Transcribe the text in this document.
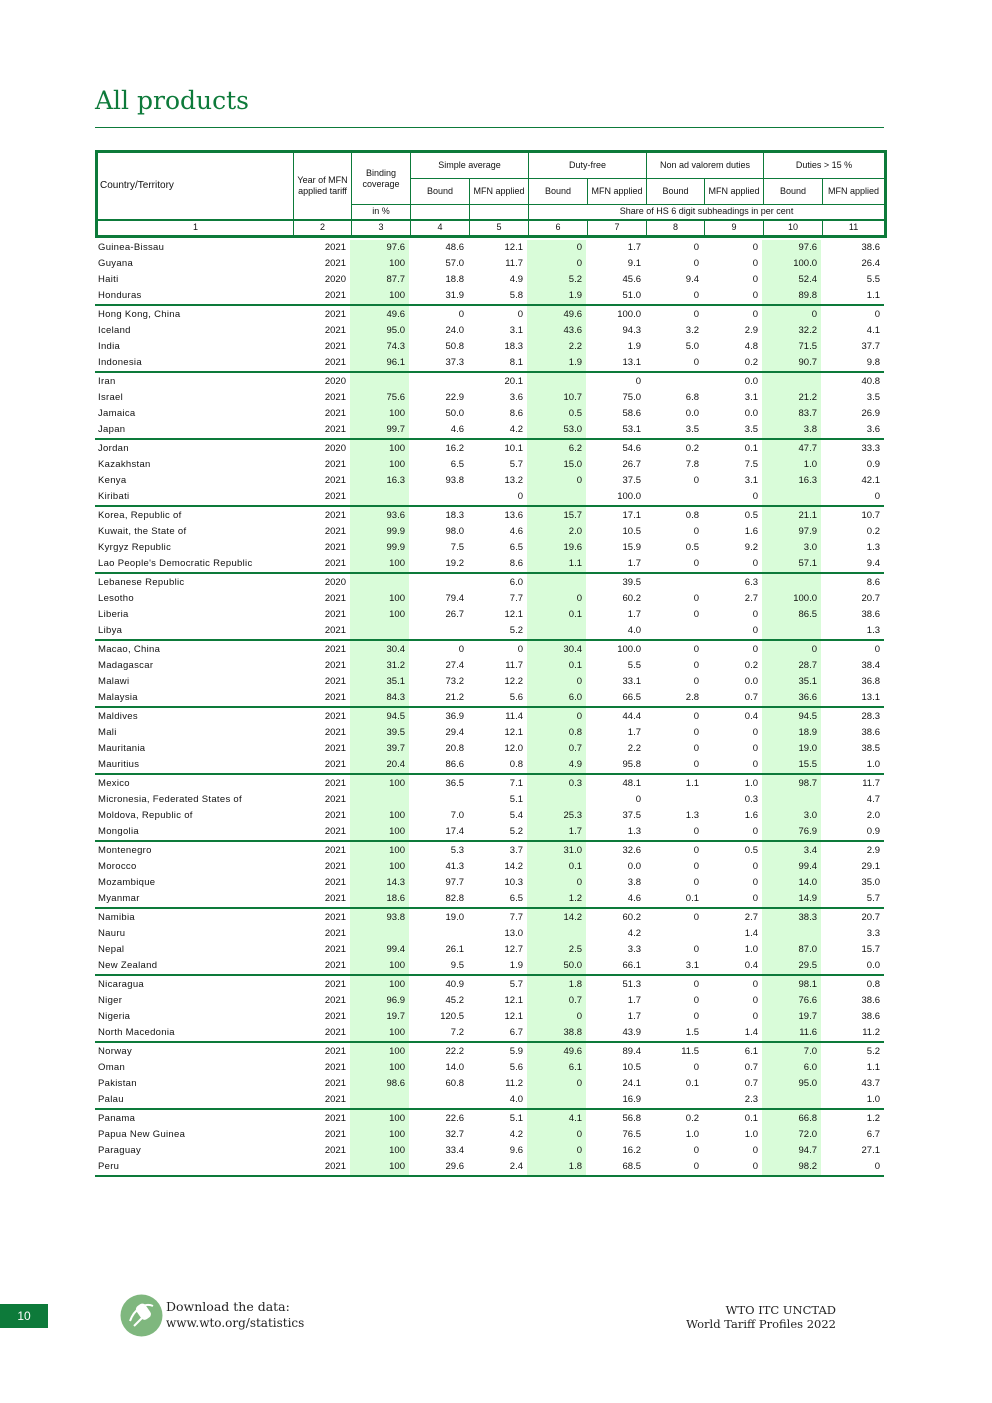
All products
Country/Territory	Year of MFN applied tariff	Binding coverage	Simple average		Duty-free		Non ad valorem duties		Duties > 15 %	
			Bound	MFN applied	Bound	MFN applied	Bound	MFN applied	Bound	MFN applied
		in %			Share of HS 6 digit subheadings in per cent					
1	2	3	4	5	6	7	8	9	10	11
Guinea-Bissau	2021	97.6	48.6	12.1	0	1.7	0	0	97.6	38.6
Guyana	2021	100	57.0	11.7	0	9.1	0	0	100.0	26.4
Haiti	2020	87.7	18.8	4.9	5.2	45.6	9.4	0	52.4	5.5
Honduras	2021	100	31.9	5.8	1.9	51.0	0	0	89.8	1.1
Hong Kong, China	2021	49.6	0	0	49.6	100.0	0	0	0	0
Iceland	2021	95.0	24.0	3.1	43.6	94.3	3.2	2.9	32.2	4.1
India	2021	74.3	50.8	18.3	2.2	1.9	5.0	4.8	71.5	37.7
Indonesia	2021	96.1	37.3	8.1	1.9	13.1	0	0.2	90.7	9.8
Iran	2020			20.1		0		0.0		40.8
Israel	2021	75.6	22.9	3.6	10.7	75.0	6.8	3.1	21.2	3.5
Jamaica	2021	100	50.0	8.6	0.5	58.6	0.0	0.0	83.7	26.9
Japan	2021	99.7	4.6	4.2	53.0	53.1	3.5	3.5	3.8	3.6
Jordan	2020	100	16.2	10.1	6.2	54.6	0.2	0.1	47.7	33.3
Kazakhstan	2021	100	6.5	5.7	15.0	26.7	7.8	7.5	1.0	0.9
Kenya	2021	16.3	93.8	13.2	0	37.5	0	3.1	16.3	42.1
Kiribati	2021			0		100.0		0		0
Korea, Republic of	2021	93.6	18.3	13.6	15.7	17.1	0.8	0.5	21.1	10.7
Kuwait, the State of	2021	99.9	98.0	4.6	2.0	10.5	0	1.6	97.9	0.2
Kyrgyz Republic	2021	99.9	7.5	6.5	19.6	15.9	0.5	9.2	3.0	1.3
Lao People's Democratic Republic	2021	100	19.2	8.6	1.1	1.7	0	0	57.1	9.4
Lebanese Republic	2020			6.0		39.5		6.3		8.6
Lesotho	2021	100	79.4	7.7	0	60.2	0	2.7	100.0	20.7
Liberia	2021	100	26.7	12.1	0.1	1.7	0	0	86.5	38.6
Libya	2021			5.2		4.0		0		1.3
Macao, China	2021	30.4	0	0	30.4	100.0	0	0	0	0
Madagascar	2021	31.2	27.4	11.7	0.1	5.5	0	0.2	28.7	38.4
Malawi	2021	35.1	73.2	12.2	0	33.1	0	0.0	35.1	36.8
Malaysia	2021	84.3	21.2	5.6	6.0	66.5	2.8	0.7	36.6	13.1
Maldives	2021	94.5	36.9	11.4	0	44.4	0	0.4	94.5	28.3
Mali	2021	39.5	29.4	12.1	0.8	1.7	0	0	18.9	38.6
Mauritania	2021	39.7	20.8	12.0	0.7	2.2	0	0	19.0	38.5
Mauritius	2021	20.4	86.6	0.8	4.9	95.8	0	0	15.5	1.0
Mexico	2021	100	36.5	7.1	0.3	48.1	1.1	1.0	98.7	11.7
Micronesia, Federated States of	2021			5.1		0		0.3		4.7
Moldova, Republic of	2021	100	7.0	5.4	25.3	37.5	1.3	1.6	3.0	2.0
Mongolia	2021	100	17.4	5.2	1.7	1.3	0	0	76.9	0.9
Montenegro	2021	100	5.3	3.7	31.0	32.6	0	0.5	3.4	2.9
Morocco	2021	100	41.3	14.2	0.1	0.0	0	0	99.4	29.1
Mozambique	2021	14.3	97.7	10.3	0	3.8	0	0	14.0	35.0
Myanmar	2021	18.6	82.8	6.5	1.2	4.6	0.1	0	14.9	5.7
Namibia	2021	93.8	19.0	7.7	14.2	60.2	0	2.7	38.3	20.7
Nauru	2021			13.0		4.2		1.4		3.3
Nepal	2021	99.4	26.1	12.7	2.5	3.3	0	1.0	87.0	15.7
New Zealand	2021	100	9.5	1.9	50.0	66.1	3.1	0.4	29.5	0.0
Nicaragua	2021	100	40.9	5.7	1.8	51.3	0	0	98.1	0.8
Niger	2021	96.9	45.2	12.1	0.7	1.7	0	0	76.6	38.6
Nigeria	2021	19.7	120.5	12.1	0	1.7	0	0	19.7	38.6
North Macedonia	2021	100	7.2	6.7	38.8	43.9	1.5	1.4	11.6	11.2
Norway	2021	100	22.2	5.9	49.6	89.4	11.5	6.1	7.0	5.2
Oman	2021	100	14.0	5.6	6.1	10.5	0	0.7	6.0	1.1
Pakistan	2021	98.6	60.8	11.2	0	24.1	0.1	0.7	95.0	43.7
Palau	2021			4.0		16.9		2.3		1.0
Panama	2021	100	22.6	5.1	4.1	56.8	0.2	0.1	66.8	1.2
Papua New Guinea	2021	100	32.7	4.2	0	76.5	1.0	1.0	72.0	6.7
Paraguay	2021	100	33.4	9.6	0	16.2	0	0	94.7	27.1
Peru	2021	100	29.6	2.4	1.8	68.5	0	0	98.2	0
10
Download the data:
www.wto.org/statistics
WTO ITC UNCTAD
World Tariff Profiles 2022
